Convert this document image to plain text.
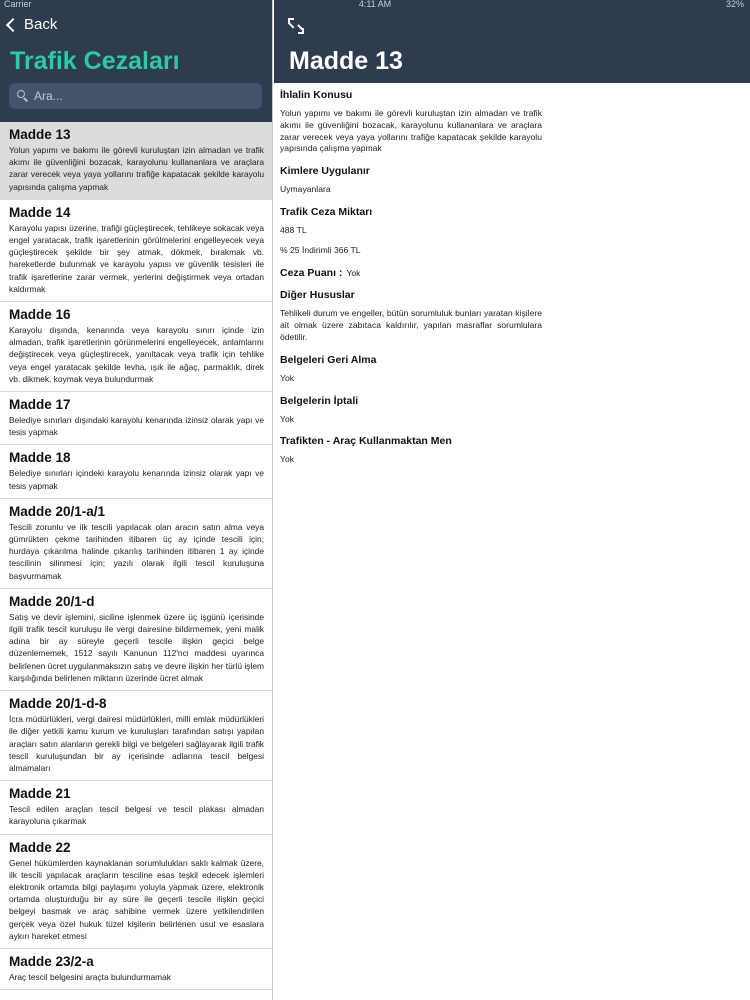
Carrier	4:11 AM	32%
Back
Trafik Cezaları
Ara...
Madde 13
Yolun yapımı ve bakımı ile görevli kuruluştan izin almadan ve trafik akımı ile güvenliğini bozacak, karayolunu kullananlara ve araçlara zarar verecek veya yaya yollarını trafiğe kapatacak şekilde karayolu yapısında çalışma yapmak
Madde 14
Karayolu yapısı üzerine, trafiği güçleştirecek, tehlikeye sokacak veya engel yaratacak, trafik işaretlerinin görülmelerini engelleyecek veya güçleştirecek şekilde bir şey atmak, dökmek, bırakmak vb. hareketlerde bulunmak ve karayolu yapısı ve güvenlik tesisleri ile trafik işaretlerine zarar vermek, yerlerini değiştirmek veya ortadan kaldırmak
Madde 16
Karayolu dışında, kenarında veya karayolu sınırı içinde izin almadan, trafik işaretlerinin görünmelerini engelleyecek, anlamlarını değiştirecek veya güçleştirecek, yanıltacak veya trafik için tehlike veya engel yaratacak şekilde levha, ışık ile ağaç, parmaklık, direk vb. dikmek, koymak veya bulundurmak
Madde 17
Belediye sınırları dışındaki karayolu kenarında izinsiz olarak yapı ve tesis yapmak
Madde 18
Belediye sınırları içindeki karayolu kenarında izinsiz olarak yapı ve tesis yapmak
Madde 20/1-a/1
Tescili zorunlu ve ilk tescili yapılacak olan aracın satın alma veya gümrükten çekme tarihinden itibaren üç ay içinde tescili için; hurdaya çıkarılma halinde çıkarılış tarihinden itibaren 1 ay içinde tescilinin silinmesi için; yazılı olarak ilgili tescil kuruluşuna başvurmamak
Madde 20/1-d
Satış ve devir işlemini, siciline işlenmek üzere üç işgünü içerisinde ilgili trafik tescil kuruluşu ile vergi dairesine bildirmemek, yeni malik adına bir ay süreyle geçerli tescile ilişkin geçici belge düzenlememek, 1512 sayılı Kanunun 112'nci maddesi uyarınca belirlenen ücret uygulanmaksızın satış ve devre ilişkin her türlü işlem karşılığında belirlenen miktarın üzerinde ücret almak
Madde 20/1-d-8
İcra müdürlükleri, vergi dairesi müdürlükleri, milli emlak müdürlükleri ile diğer yetkili kamu kurum ve kuruluşları tarafından satışı yapılan araçları satın alanların gerekli bilgi ve belgeleri sağlayarak ilgili trafik tescil kuruluşundan bir ay içerisinde adlarına tescil belgesi almamaları
Madde 21
Tescil edilen araçları tescil belgesi ve tescil plakası almadan karayoluna çıkarmak
Madde 22
Genel hükümlerden kaynaklanan sorumlulukları saklı kalmak üzere, ilk tescili yapılacak araçların tesciline esas teşkil edecek işlemleri elektronik ortamda bilgi paylaşımı yoluyla yapmak üzere, elektronik ortamda oluşturduğu bir ay süre ile geçerli tescile ilişkin geçici belgeyi basmak ve araç sahibine vermek üzere yetkilendirilen gerçek veya özel hukuk tüzel kişilerin belirlenen usul ve esaslara aykırı hareket etmesi
Madde 23/2-a
Araç tescil belgesini araçta bulundurmamak
Madde 13
İhlalin Konusu
Yolun yapımı ve bakımı ile görevli kuruluştan izin almadan ve trafik akımı ile güvenliğini bozacak, karayolunu kullananlara ve araçlara zarar verecek veya yaya yollarını trafiğe kapatacak şekilde karayolu yapısında çalışma yapmak
Kimlere Uygulanır
Uymayanlara
Trafik Ceza Miktarı
488 TL
% 25 İndirimli 366 TL
Ceza Puanı : Yok
Diğer Hususlar
Tehlikeli durum ve engeller, bütün sorumluluk bunları yaratan kişilere ait olmak üzere zabıtaca kaldırılır, yapılan masraflar sorumlulara ödetilir.
Belgeleri Geri Alma
Yok
Belgelerin İptali
Yok
Trafikten - Araç Kullanmaktan Men
Yok
